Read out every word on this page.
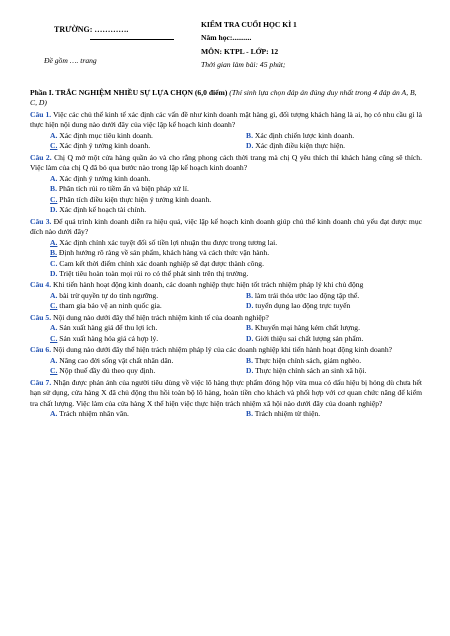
TRƯỜNG: ………….
Đề gồm …. trang
KIỂM TRA CUỐI HỌC KÌ 1
Năm học:..........
MÔN: KTPL - LỚP: 12
Thời gian làm bài: 45 phút;
Phần I. TRẮC NGHIỆM NHIỀU SỰ LỰA CHỌN (6,0 điểm) (Thí sinh lựa chọn đáp án đúng duy nhất trong 4 đáp án A, B, C, D)
Câu 1. Việc các chủ thể kinh tế xác định các vấn đề như kinh doanh mặt hàng gì, đối tượng khách hàng là ai, họ có nhu cầu gì là thực hiện nội dung nào dưới đây của việc lập kế hoạch kinh doanh?
A. Xác định mục tiêu kinh doanh.	B. Xác định chiến lược kinh doanh.
C. Xác định ý tưởng kinh doanh.	D. Xác định điều kiện thực hiện.
Câu 2. Chị Q mở một cửa hàng quần áo và cho rằng phong cách thời trang mà chị Q yêu thích thì khách hàng cũng sẽ thích. Việc làm của chị Q đã bỏ qua bước nào trong lập kế hoạch kinh doanh?
A. Xác định ý tưởng kinh doanh.
B. Phân tích rủi ro tiềm ẩn và biện pháp xử lí.
C. Phân tích điều kiện thực hiện ý tưởng kinh doanh.
D. Xác định kế hoạch tài chính.
Câu 3. Để quá trình kinh doanh diễn ra hiệu quả, việc lập kế hoạch kinh doanh giúp chủ thể kinh doanh chủ yếu đạt được mục đích nào dưới đây?
A. Xác định chính xác tuyệt đối số tiền lợi nhuận thu được trong tương lai.
B. Định hướng rõ ràng về sản phẩm, khách hàng và cách thức vận hành.
C. Cam kết thời điểm chính xác doanh nghiệp sẽ đạt được thành công.
D. Triệt tiêu hoàn toàn mọi rủi ro có thể phát sinh trên thị trường.
Câu 4. Khi tiến hành hoạt động kinh doanh, các doanh nghiệp thực hiện tốt trách nhiệm pháp lý khi chủ động
A. bài trừ quyền tự do tính ngưỡng.	B. làm trái thỏa ước lao động tập thể.
C. tham gia bảo vệ an ninh quốc gia.	D. tuyển dụng lao động trực tuyến
Câu 5. Nội dung nào dưới đây thể hiện trách nhiệm kinh tế của doanh nghiệp?
A. Sản xuất hàng giả để thu lợi ích.	B. Khuyến mại hàng kém chất lượng.
C. Sản xuất hàng hóa giá cả hợp lý.	D. Giới thiệu sai chất lượng sản phẩm.
Câu 6. Nội dung nào dưới đây thể hiện trách nhiệm pháp lý của các doanh nghiệp khi tiến hành hoạt động kinh doanh?
A. Nâng cao đời sống vật chất nhân dân.	B. Thực hiện chính sách, giảm nghèo.
C. Nộp thuế đầy đủ theo quy định.	D. Thực hiện chính sách an sinh xã hội.
Câu 7. Nhận được phản ánh của người tiêu dùng về việc lô hàng thực phẩm đóng hộp vừa mua có dấu hiệu bị hỏng dù chưa hết hạn sử dụng, cửa hàng X đã chủ động thu hồi toàn bộ lô hàng, hoàn tiền cho khách và phối hợp với cơ quan chức năng để kiểm tra chất lượng. Việc làm của cửa hàng X thể hiện việc thực hiện trách nhiệm xã hội nào dưới đây của doanh nghiệp?
A. Trách nhiệm nhân văn.	B. Trách nhiệm từ thiện.
